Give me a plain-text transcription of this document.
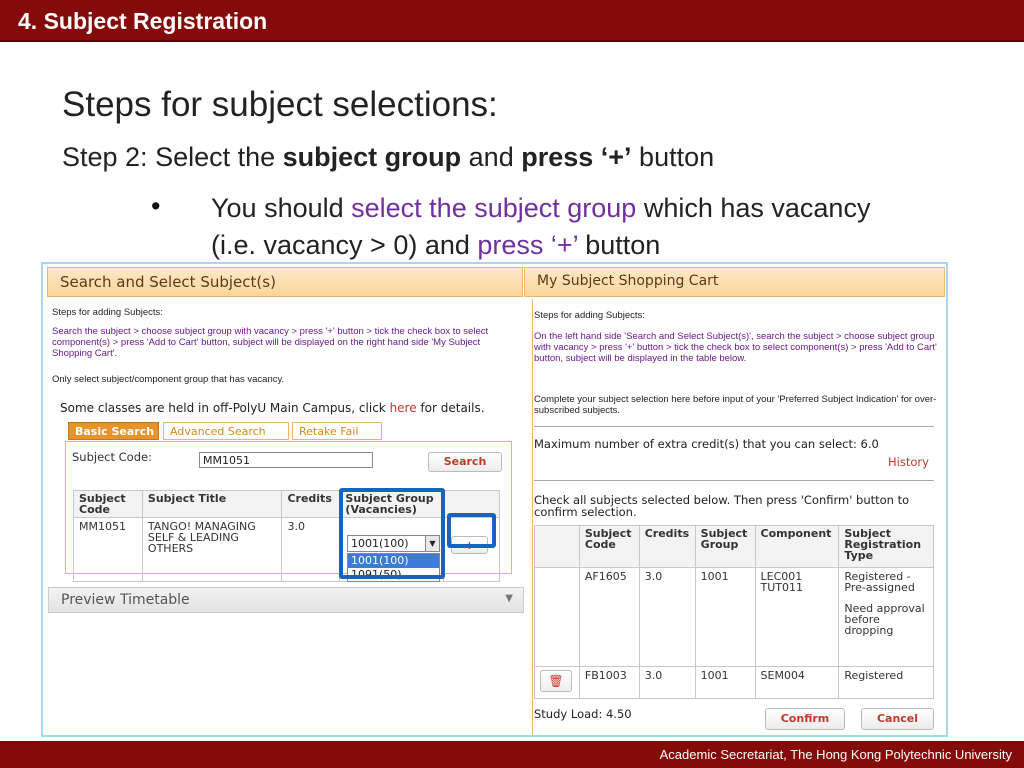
4. Subject Registration
Steps for subject selections:
Step 2: Select the subject group and press ‘+’ button
• You should select the subject group which has vacancy (i.e. vacancy > 0) and press ‘+’ button
Search and Select Subject(s)
Steps for adding Subjects:
Search the subject > choose subject group with vacancy > press '+' button > tick the check box to select component(s) > press 'Add to Cart' button, subject will be displayed on the right hand side 'My Subject Shopping Cart'.
Only select subject/component group that has vacancy.
Some classes are held in off-PolyU Main Campus, click here for details.
Basic Search	Advanced Search	Retake Fail
Subject Code:	MM1051	Search
Subject Code	Subject Title	Credits	Subject Group (Vacancies)	
MM1051	TANGO! MANAGING SELF & LEADING OTHERS	3.0		
1001(100)	▼
1001(100)
1091(50)
+
Preview Timetable	▼
My Subject Shopping Cart
Steps for adding Subjects:
On the left hand side 'Search and Select Subject(s)', search the subject > choose subject group with vacancy > press '+' button > tick the check box to select component(s) > press 'Add to Cart' button, subject will be displayed in the table below.
Complete your subject selection here before input of your 'Preferred Subject Indication' for over-subscribed subjects.
Maximum number of extra credit(s) that you can select: 6.0
History
Check all subjects selected below. Then press 'Confirm' button to confirm selection.
	Subject Code	Credits	Subject Group	Component	Subject Registration Type
	AF1605	3.0	1001	LEC001 TUT011	Registered - Pre-assigned
Need approval before dropping

🗑	FB1003	3.0	1001	SEM004	Registered
Study Load: 4.50	Confirm	Cancel
Academic Secretariat, The Hong Kong Polytechnic University
